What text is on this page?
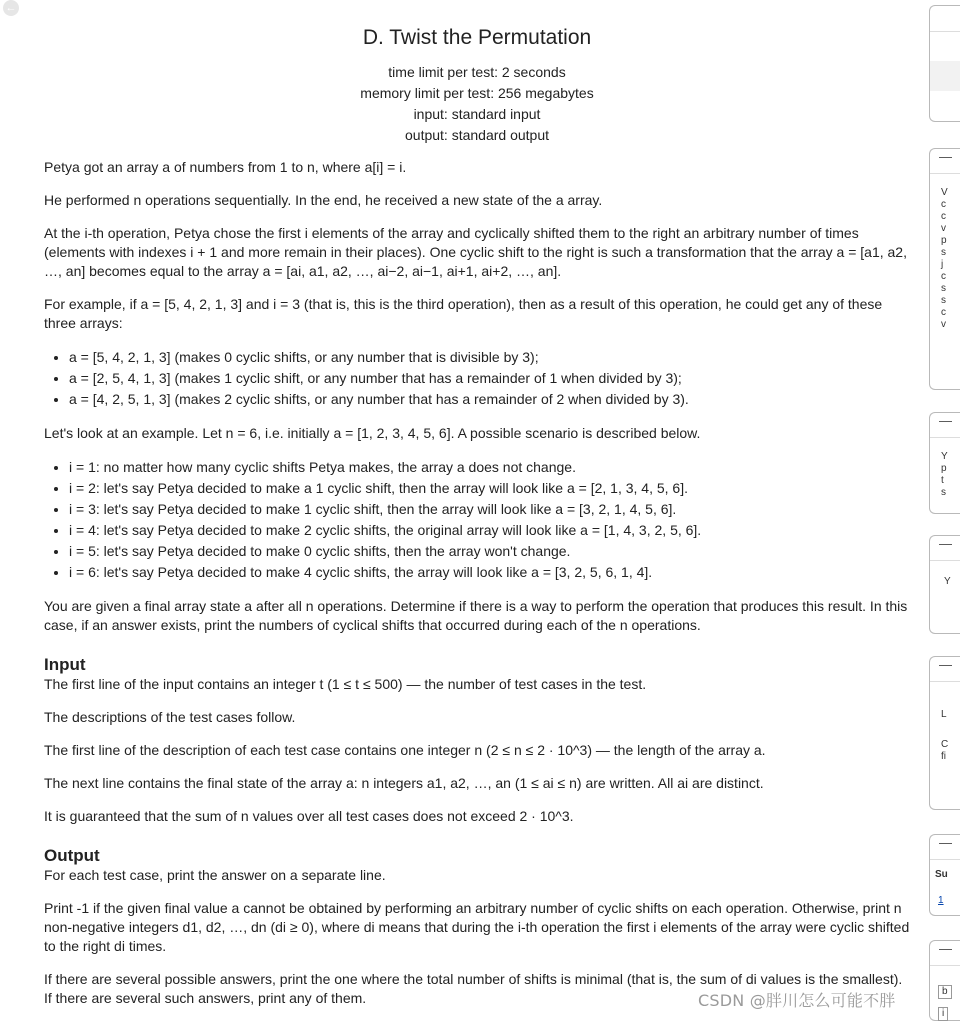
←
D. Twist the Permutation
time limit per test: 2 seconds
memory limit per test: 256 megabytes
input: standard input
output: standard output

Petya got an array a of numbers from 1 to n, where a[i] = i.

He performed n operations sequentially. In the end, he received a new state of the a array.

At the i-th operation, Petya chose the first i elements of the array and cyclically shifted them to the right an arbitrary number of times (elements with indexes i + 1 and more remain in their places). One cyclic shift to the right is such a transformation that the array a = [a1, a2, …, an] becomes equal to the array a = [ai, a1, a2, …, ai−2, ai−1, ai+1, ai+2, …, an].

For example, if a = [5, 4, 2, 1, 3] and i = 3 (that is, this is the third operation), then as a result of this operation, he could get any of these three arrays:

• a = [5, 4, 2, 1, 3] (makes 0 cyclic shifts, or any number that is divisible by 3);
• a = [2, 5, 4, 1, 3] (makes 1 cyclic shift, or any number that has a remainder of 1 when divided by 3);
• a = [4, 2, 5, 1, 3] (makes 2 cyclic shifts, or any number that has a remainder of 2 when divided by 3).

Let's look at an example. Let n = 6, i.e. initially a = [1, 2, 3, 4, 5, 6]. A possible scenario is described below.

• i = 1: no matter how many cyclic shifts Petya makes, the array a does not change.
• i = 2: let's say Petya decided to make a 1 cyclic shift, then the array will look like a = [2, 1, 3, 4, 5, 6].
• i = 3: let's say Petya decided to make 1 cyclic shift, then the array will look like a = [3, 2, 1, 4, 5, 6].
• i = 4: let's say Petya decided to make 2 cyclic shifts, the original array will look like a = [1, 4, 3, 2, 5, 6].
• i = 5: let's say Petya decided to make 0 cyclic shifts, then the array won't change.
• i = 6: let's say Petya decided to make 4 cyclic shifts, the array will look like a = [3, 2, 5, 6, 1, 4].

You are given a final array state a after all n operations. Determine if there is a way to perform the operation that produces this result. In this case, if an answer exists, print the numbers of cyclical shifts that occurred during each of the n operations.

Input

The first line of the input contains an integer t (1 ≤ t ≤ 500) — the number of test cases in the test.

The descriptions of the test cases follow.

The first line of the description of each test case contains one integer n (2 ≤ n ≤ 2 · 10^3) — the length of the array a.

The next line contains the final state of the array a: n integers a1, a2, …, an (1 ≤ ai ≤ n) are written. All ai are distinct.

It is guaranteed that the sum of n values over all test cases does not exceed 2 · 10^3.

Output

For each test case, print the answer on a separate line.

Print -1 if the given final value a cannot be obtained by performing an arbitrary number of cyclic shifts on each operation. Otherwise, print n non-negative integers d1, d2, …, dn (di ≥ 0), where di means that during the i-th operation the first i elements of the array were cyclic shifted to the right di times.

If there are several possible answers, print the one where the total number of shifts is minimal (that is, the sum of di values is the smallest). If there are several such answers, print any of them.

—
V
c
c
v
p
s
j
c
s
s
c
v
—
Y
p
t
s
—
Y
—
L
C
fi
—
Su
1
—
b
i
CSDN @胖川怎么可能不胖
